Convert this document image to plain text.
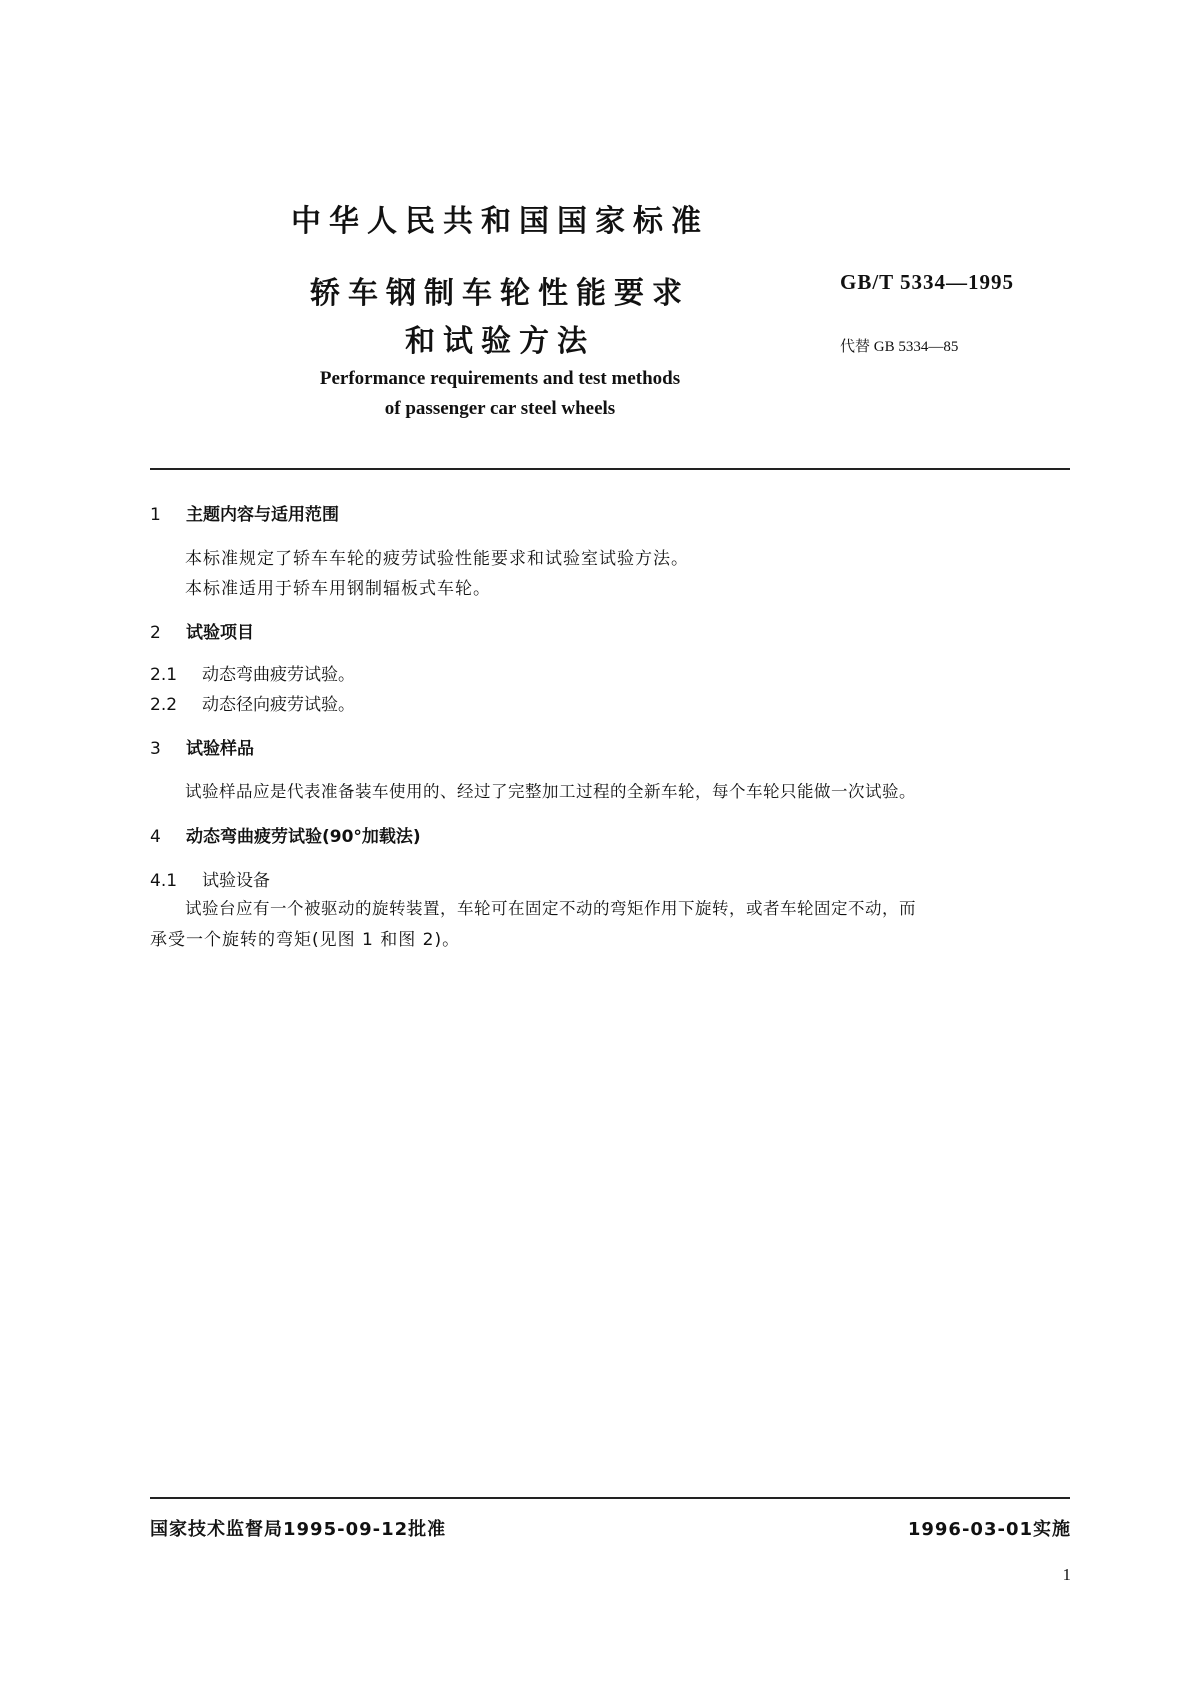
中华人民共和国国家标准
GB/T 5334—1995
代替 GB 5334—85
轿车钢制车轮性能要求
和试验方法
Performance requirements and test methods
of passenger car steel wheels
1 主题内容与适用范围
本标准规定了轿车车轮的疲劳试验性能要求和试验室试验方法。
本标准适用于轿车用钢制辐板式车轮。
2 试验项目
2.1 动态弯曲疲劳试验。
2.2 动态径向疲劳试验。
3 试验样品
试验样品应是代表准备装车使用的、经过了完整加工过程的全新车轮，每个车轮只能做一次试验。
4 动态弯曲疲劳试验(90°加载法)
4.1 试验设备
试验台应有一个被驱动的旋转装置，车轮可在固定不动的弯矩作用下旋转，或者车轮固定不动，而
承受一个旋转的弯矩(见图 1 和图 2)。
国家技术监督局1995-09-12批准	1996-03-01实施
1
